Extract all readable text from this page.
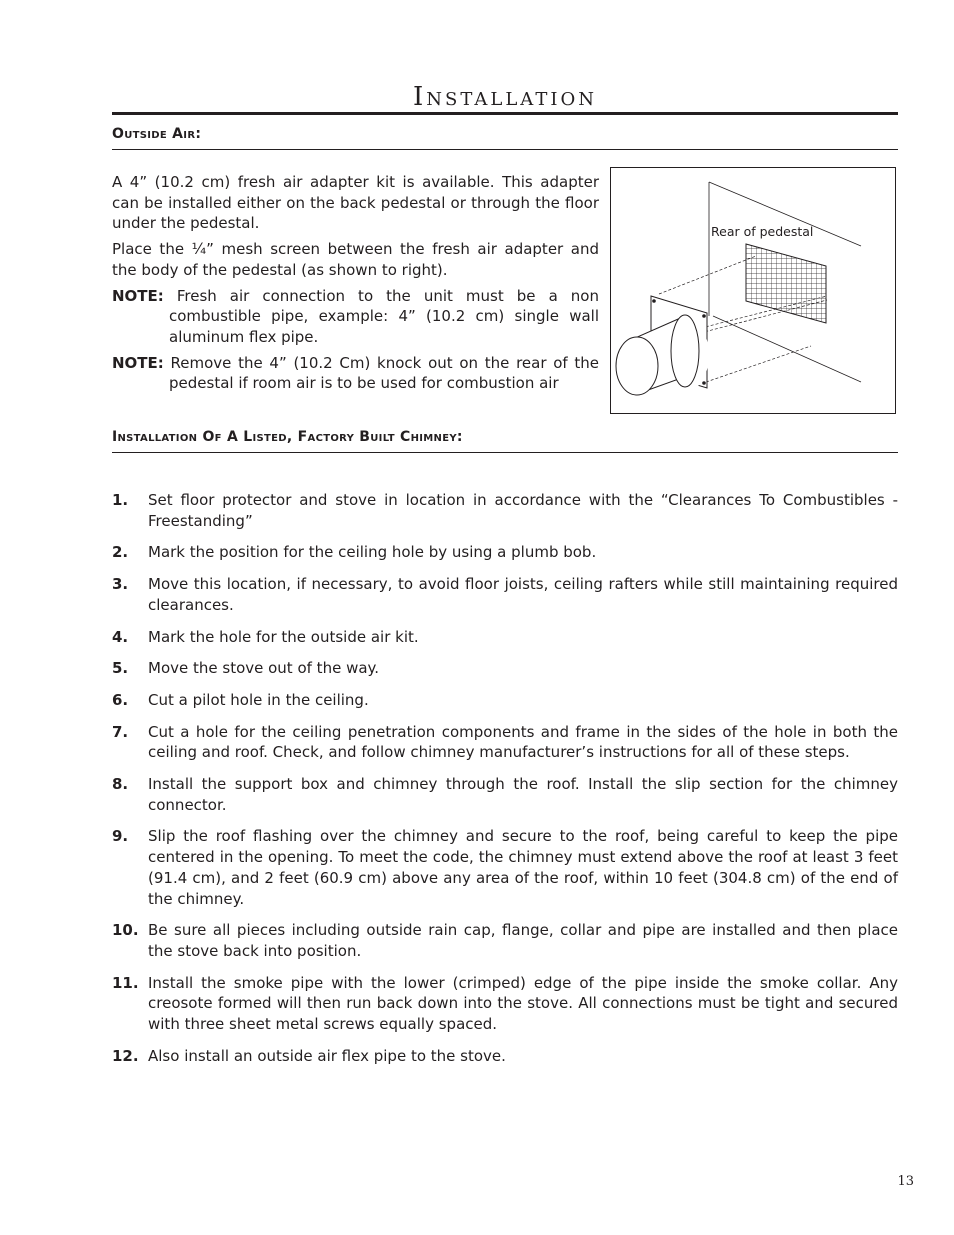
Installation
Outside Air:

A 4” (10.2 cm) fresh air adapter kit is available. This adapter can be installed either on the back pedestal or through the floor under the pedestal.

Place the ¼” mesh screen between the fresh air adapter and the body of the pedestal (as shown to right).

NOTE: Fresh air connection to the unit must be a non combustible pipe, example: 4” (10.2 cm) single wall aluminum flex pipe.

NOTE: Remove the 4” (10.2 Cm) knock out on the rear of the pedestal if room air is to be used for combustion air

Rear of pedestal
Installation Of A Listed, Factory Built Chimney:
1.	Set floor protector and stove in location in accordance with the “Clearances To Combustibles - Freestanding”
2.	Mark the position for the ceiling hole by using a plumb bob.
3.	Move this location, if necessary, to avoid floor joists, ceiling rafters while still maintaining required clearances.
4.	Mark the hole for the outside air kit.
5.	Move the stove out of the way.
6.	Cut a pilot hole in the ceiling.
7.	Cut a hole for the ceiling penetration components and frame in the sides of the hole in both the ceiling and roof. Check, and follow chimney manufacturer’s instructions for all of these steps.
8.	Install the support box and chimney through the roof. Install the slip section for the chimney connector.
9.	Slip the roof flashing over the chimney and secure to the roof, being careful to keep the pipe centered in the opening. To meet the code, the chimney must extend above the roof at least 3 feet (91.4 cm), and 2 feet (60.9 cm) above any area of the roof, within 10 feet (304.8 cm) of the end of the chimney.
10. Be sure all pieces including outside rain cap, flange, collar and pipe are installed and then place the stove back into position.
11. Install the smoke pipe with the lower (crimped) edge of the pipe inside the smoke collar. Any creosote formed will then run back down into the stove. All connections must be tight and secured with three sheet metal screws equally spaced.
12. Also install an outside air flex pipe to the stove.
13
